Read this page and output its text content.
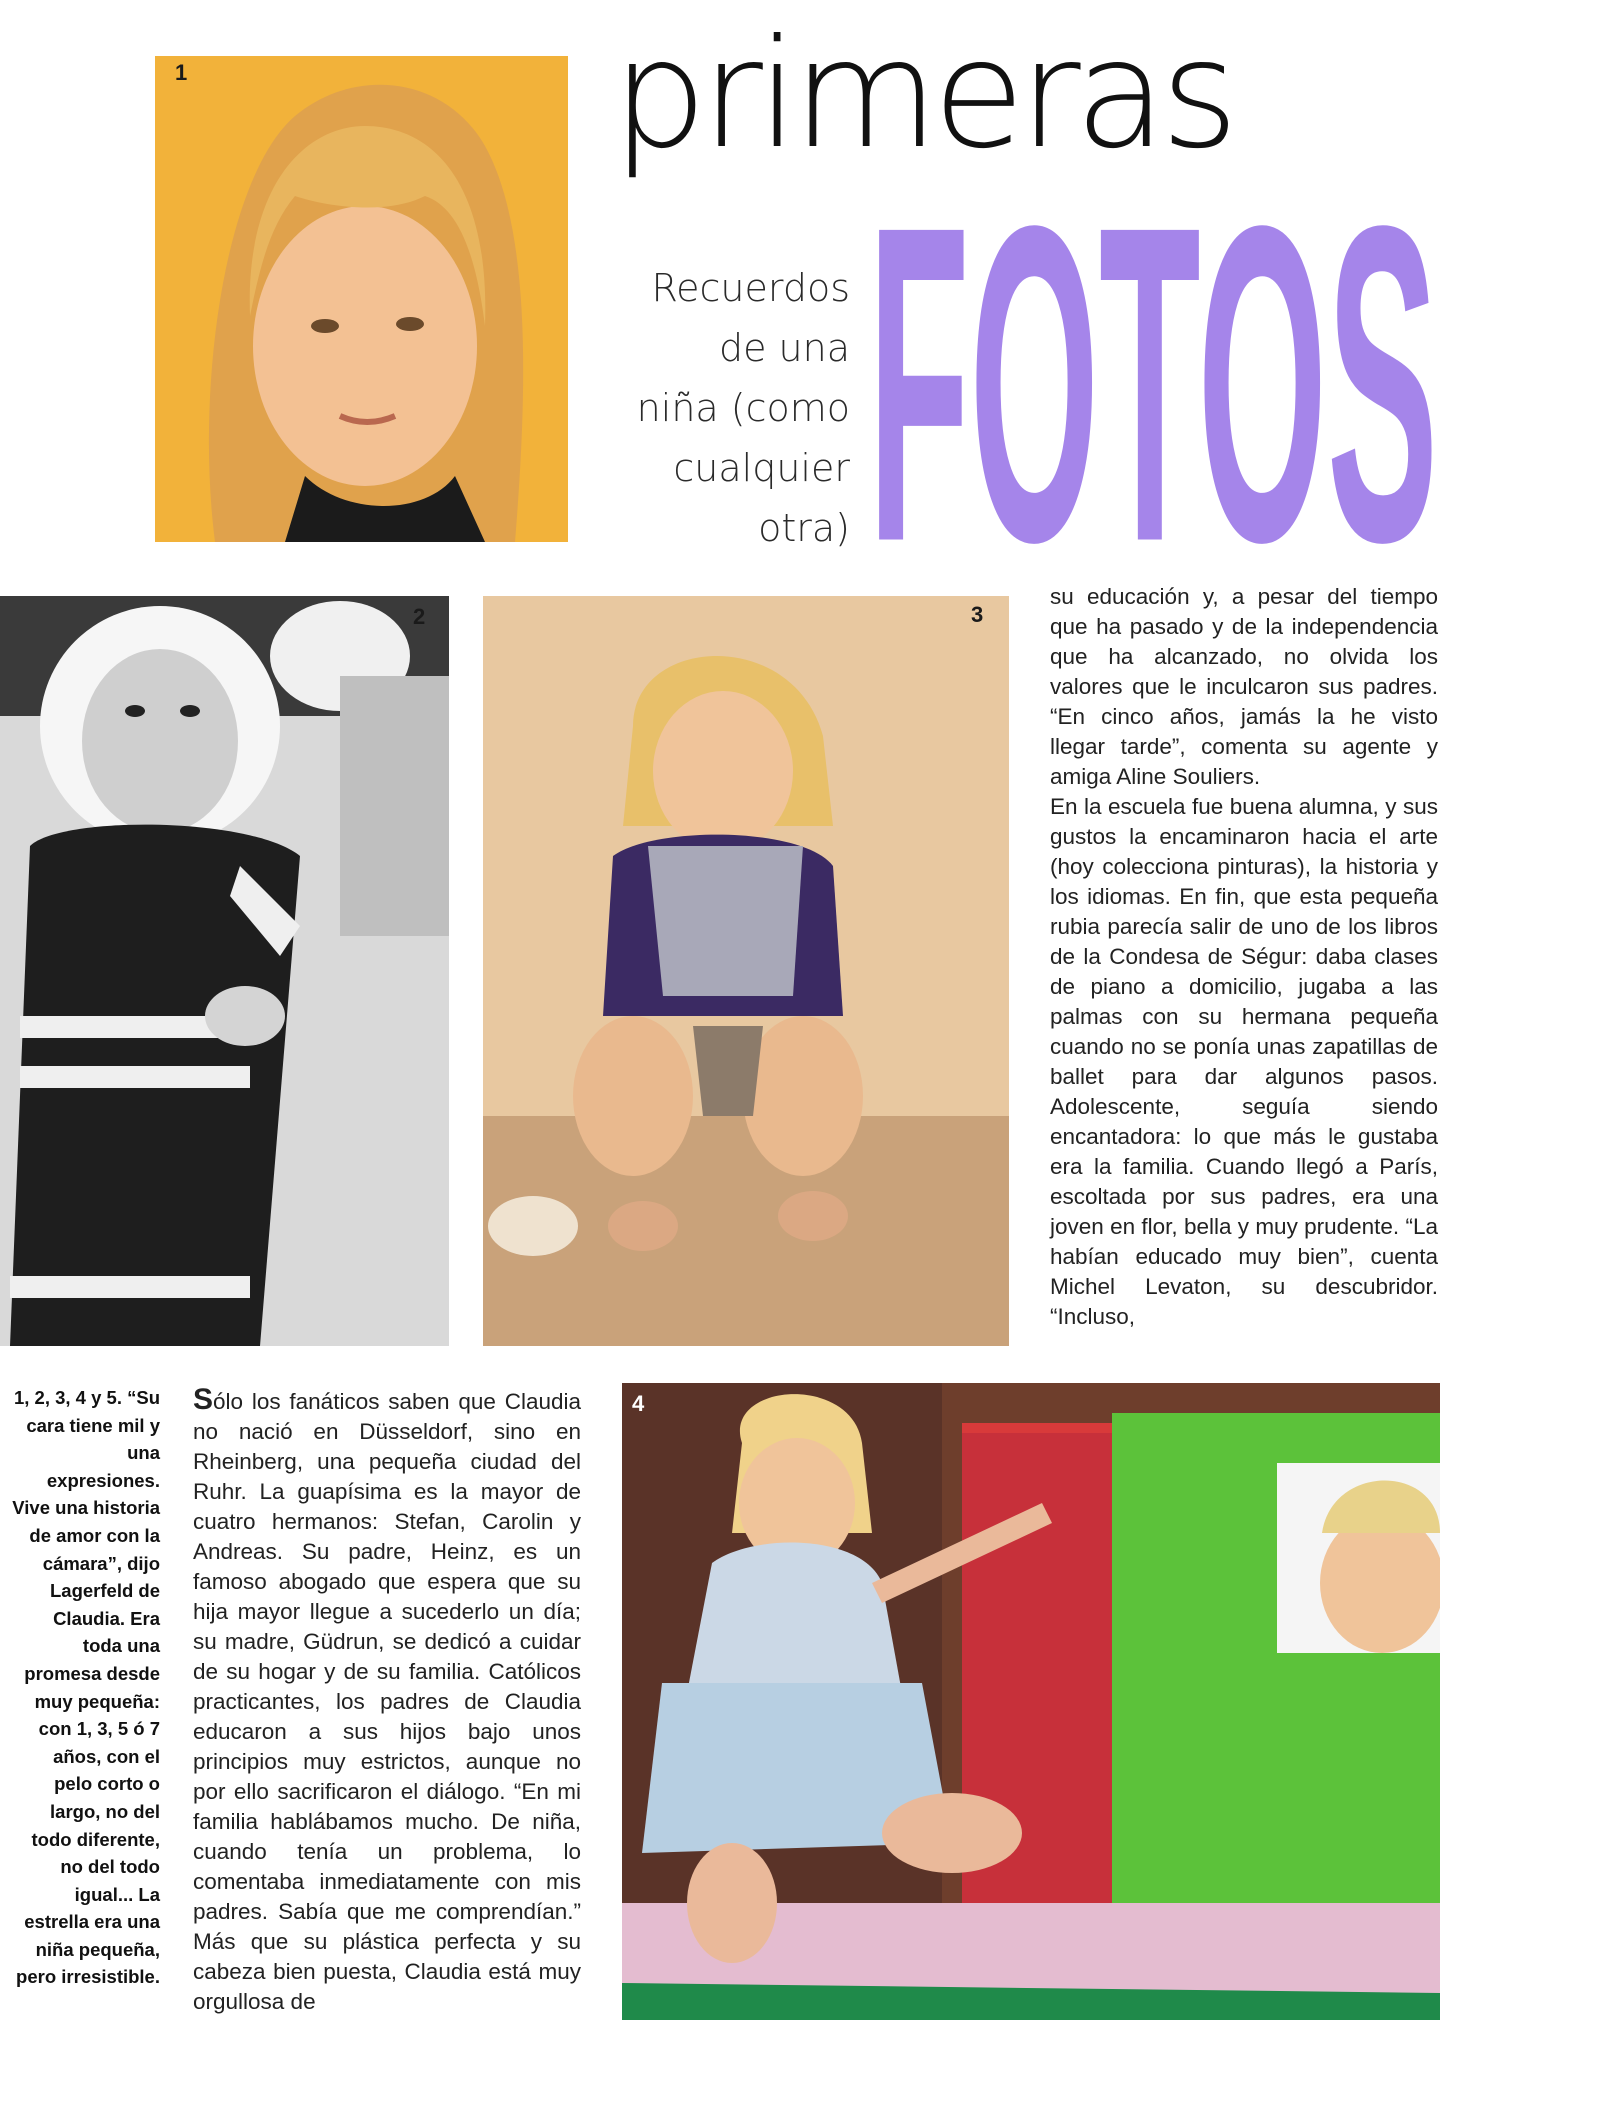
1	primeras
FOTOS
Recuerdos
de una
niña (como
cualquier
otra)
2	3

su educación y, a pesar del tiempo que ha pasado y de la independencia que ha alcanzado, no olvida los valores que le inculcaron sus padres. “En cinco años, jamás la he visto llegar tarde”, comenta su agente y amiga Aline Souliers.

En la escuela fue buena alumna, y sus gustos la encaminaron hacia el arte (hoy colecciona pinturas), la historia y los idiomas. En fin, que esta pequeña rubia parecía salir de uno de los libros de la Condesa de Ségur: daba clases de piano a domicilio, jugaba a las palmas con su hermana pequeña cuando no se ponía unas zapatillas de ballet para dar algunos pasos. Adolescente, seguía siendo encantadora: lo que más le gustaba era la familia. Cuando llegó a París, escoltada por sus padres, era una joven en flor, bella y muy prudente. “La habían educado muy bien”, cuenta Michel Levaton, su descubridor. “Incluso,

1, 2, 3, 4 y 5. “Su cara tiene mil y una expresiones. Vive una historia de amor con la cámara”, dijo Lagerfeld de Claudia. Era toda una promesa desde muy pequeña: con 1, 3, 5 ó 7 años, con el pelo corto o largo, no del todo diferente, no del todo igual... La estrella era una niña pequeña, pero irresistible.

Sólo los fanáticos saben que Claudia no nació en Düsseldorf, sino en Rheinberg, una pequeña ciudad del Ruhr. La guapísima es la mayor de cuatro hermanos: Stefan, Carolin y Andreas. Su padre, Heinz, es un famoso abogado que espera que su hija mayor llegue a sucederlo un día; su madre, Güdrun, se dedicó a cuidar de su hogar y de su familia. Católicos practicantes, los padres de Claudia educaron a sus hijos bajo unos principios muy estrictos, aunque no por ello sacrificaron el diálogo. “En mi familia hablábamos mucho. De niña, cuando tenía un problema, lo comentaba inmediatamente con mis padres. Sabía que me comprendían.” Más que su plástica perfecta y su cabeza bien puesta, Claudia está muy orgullosa de

4
